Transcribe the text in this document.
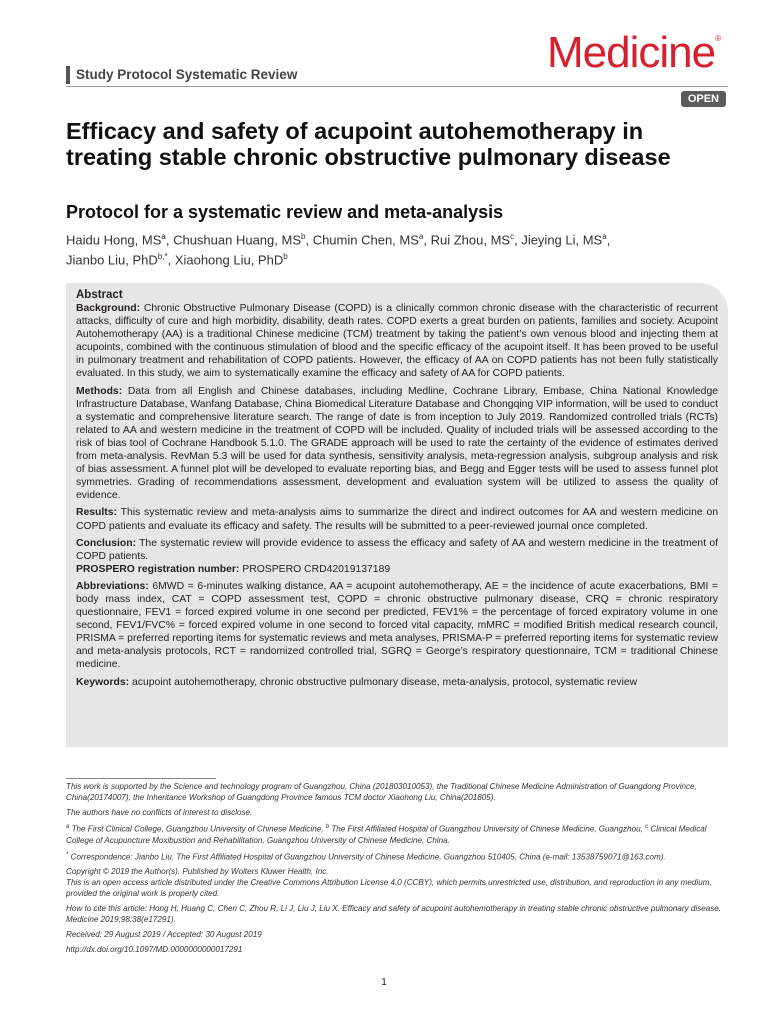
Study Protocol Systematic Review	Medicine®
OPEN
Efficacy and safety of acupoint autohemotherapy in treating stable chronic obstructive pulmonary disease
Protocol for a systematic review and meta-analysis
Haidu Hong, $MS^a$, Chushuan Huang, $MS^b$, Chumin Chen, $MS^a$, Rui Zhou, $MS^c$, Jieying Li, $MS^a$,
Jianbo Liu, PhD$^{b,*}$, Xiaohong Liu, PhD$^b$
Abstract

Background: Chronic Obstructive Pulmonary Disease (COPD) is a clinically common chronic disease with the characteristic of recurrent attacks, difficulty of cure and high morbidity, disability, death rates. COPD exerts a great burden on patients, families and society. Acupoint Autohemotherapy (AA) is a traditional Chinese medicine (TCM) treatment by taking the patient’s own venous blood and injecting them at acupoints, combined with the continuous stimulation of blood and the specific efficacy of the acupoint itself. It has been proved to be useful in pulmonary treatment and rehabilitation of COPD patients. However, the efficacy of AA on COPD patients has not been fully statistically evaluated. In this study, we aim to systematically examine the efficacy and safety of AA for COPD patients.

Methods: Data from all English and Chinese databases, including Medline, Cochrane Library, Embase, China National Knowledge Infrastructure Database, Wanfang Database, China Biomedical Literature Database and Chongqing VIP information, will be used to conduct a systematic and comprehensive literature search. The range of date is from inception to July 2019. Randomized controlled trials (RCTs) related to AA and western medicine in the treatment of COPD will be included. Quality of included trials will be assessed according to the risk of bias tool of Cochrane Handbook 5.1.0. The GRADE approach will be used to rate the certainty of the evidence of estimates derived from meta-analysis. RevMan 5.3 will be used for data synthesis, sensitivity analysis, meta-regression analysis, subgroup analysis and risk of bias assessment. A funnel plot will be developed to evaluate reporting bias, and Begg and Egger tests will be used to assess funnel plot symmetries. Grading of recommendations assessment, development and evaluation system will be utilized to assess the quality of evidence.

Results: This systematic review and meta-analysis aims to summarize the direct and indirect outcomes for AA and western medicine on COPD patients and evaluate its efficacy and safety. The results will be submitted to a peer-reviewed journal once completed.

Conclusion: The systematic review will provide evidence to assess the efficacy and safety of AA and western medicine in the treatment of COPD patients.
PROSPERO registration number: PROSPERO CRD42019137189

Abbreviations: 6MWD = 6-minutes walking distance, AA = acupoint autohemotherapy, AE = the incidence of acute exacerbations, BMI = body mass index, CAT = COPD assessment test, COPD = chronic obstructive pulmonary disease, CRQ = chronic respiratory questionnaire, FEV1 = forced expired volume in one second per predicted, FEV1% = the percentage of forced expiratory volume in one second, FEV1/FVC% = forced expired volume in one second to forced vital capacity, mMRC = modified British medical research council, PRISMA = preferred reporting items for systematic reviews and meta analyses, PRISMA-P = preferred reporting items for systematic review and meta-analysis protocols, RCT = randomized controlled trial, SGRQ = George’s respiratory questionnaire, TCM = traditional Chinese medicine.

Keywords: acupoint autohemotherapy, chronic obstructive pulmonary disease, meta-analysis, protocol, systematic review

This work is supported by the Science and technology program of Guangzhou, China (201803010053), the Traditional Chinese Medicine Administration of Guangdong Province, China(20174007), the Inheritance Workshop of Guangdong Province famous TCM doctor Xiaohong Liu, China(201805).

The authors have no conflicts of interest to disclose.

$^a$ The First Clinical College, Guangzhou University of Chinese Medicine, $^b$ The First Affiliated Hospital of Guangzhou University of Chinese Medicine, Guangzhou, $^c$ Clinical Medical College of Acupuncture Moxibustion and Rehabilitation, Guangzhou University of Chinese Medicine, China.

* Correspondence: Jianbo Liu, The First Affiliated Hospital of Guangzhou University of Chinese Medicine, Guangzhou 510405, China (e-mail: 13538759071@163.com).

Copyright © 2019 the Author(s). Published by Wolters Kluwer Health, Inc.

This is an open access article distributed under the Creative Commons Attribution License 4.0 (CCBY), which permits unrestricted use, distribution, and reproduction in any medium, provided the original work is properly cited.

How to cite this article: Hong H, Huang C, Chen C, Zhou R, Li J, Liu J, Liu X. Efficacy and safety of acupoint autohemotherapy in treating stable chronic obstructive pulmonary disease. Medicine 2019;98:38(e17291).

Received: 29 August 2019 / Accepted: 30 August 2019

http://dx.doi.org/10.1097/MD.0000000000017291

1
